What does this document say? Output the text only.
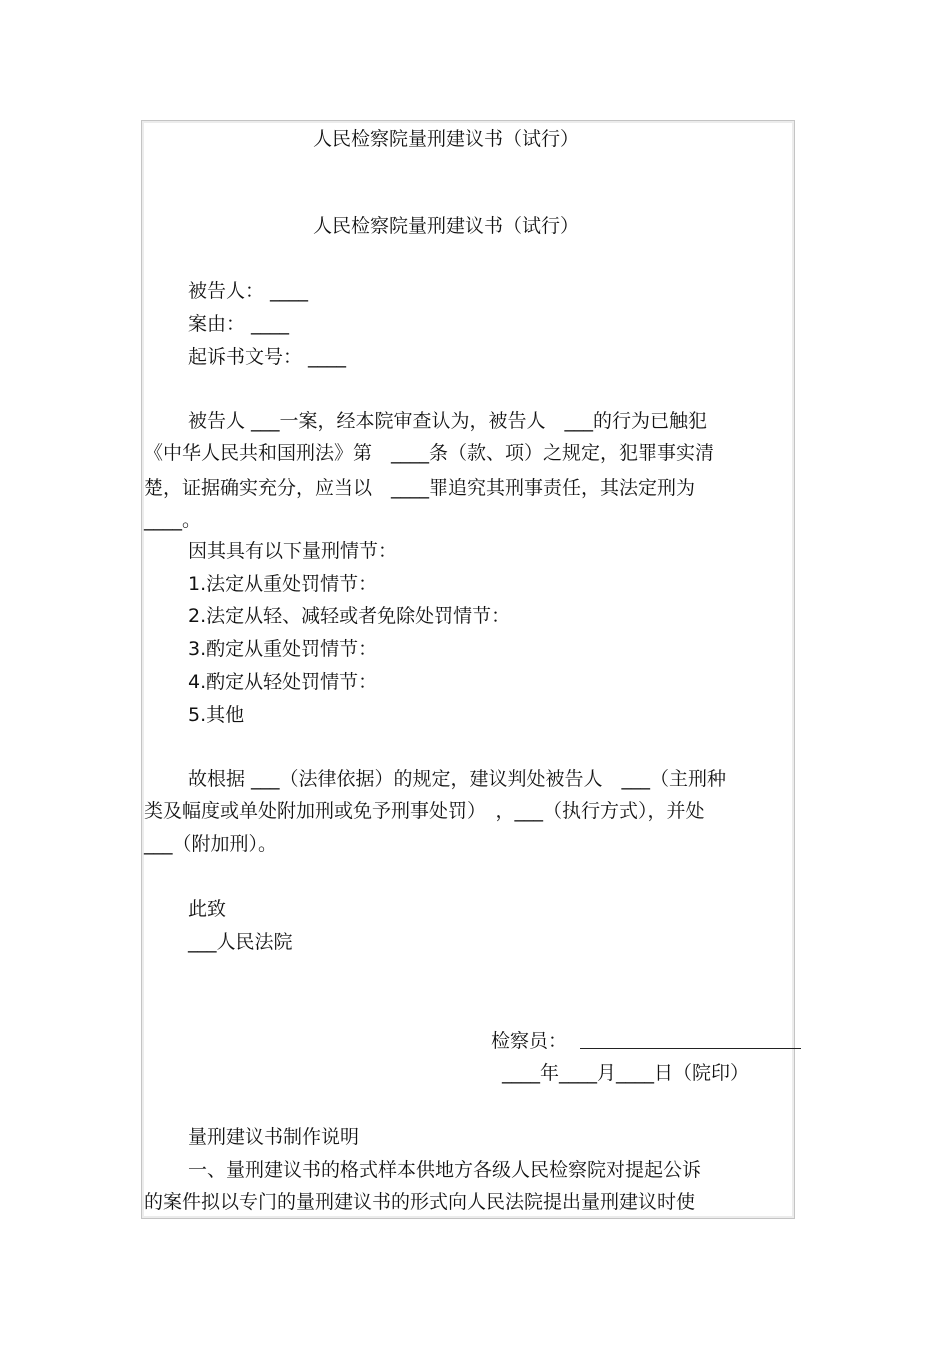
人民检察院量刑建议书（试行）
人民检察院量刑建议书（试行）
被告人： ____
案由： ____
起诉书文号： ____
被告人 ___一案，经本院审查认为，被告人　___的行为已触犯
《中华人民共和国刑法》第　____条（款、项）之规定，犯罪事实清
楚，证据确实充分，应当以　____罪追究其刑事责任，其法定刑为
____。
因其具有以下量刑情节：
1.法定从重处罚情节：
2.法定从轻、减轻或者免除处罚情节：
3.酌定从重处罚情节：
4.酌定从轻处罚情节：
5.其他
故根据 ___（法律依据）的规定，建议判处被告人　___（主刑种
类及幅度或单处附加刑或免予刑事处罚）　，___（执行方式），并处
___（附加刑）。
此致
___人民法院
检察员：
____年____月____日（院印）
量刑建议书制作说明
一、量刑建议书的格式样本供地方各级人民检察院对提起公诉
的案件拟以专门的量刑建议书的形式向人民法院提出量刑建议时使
